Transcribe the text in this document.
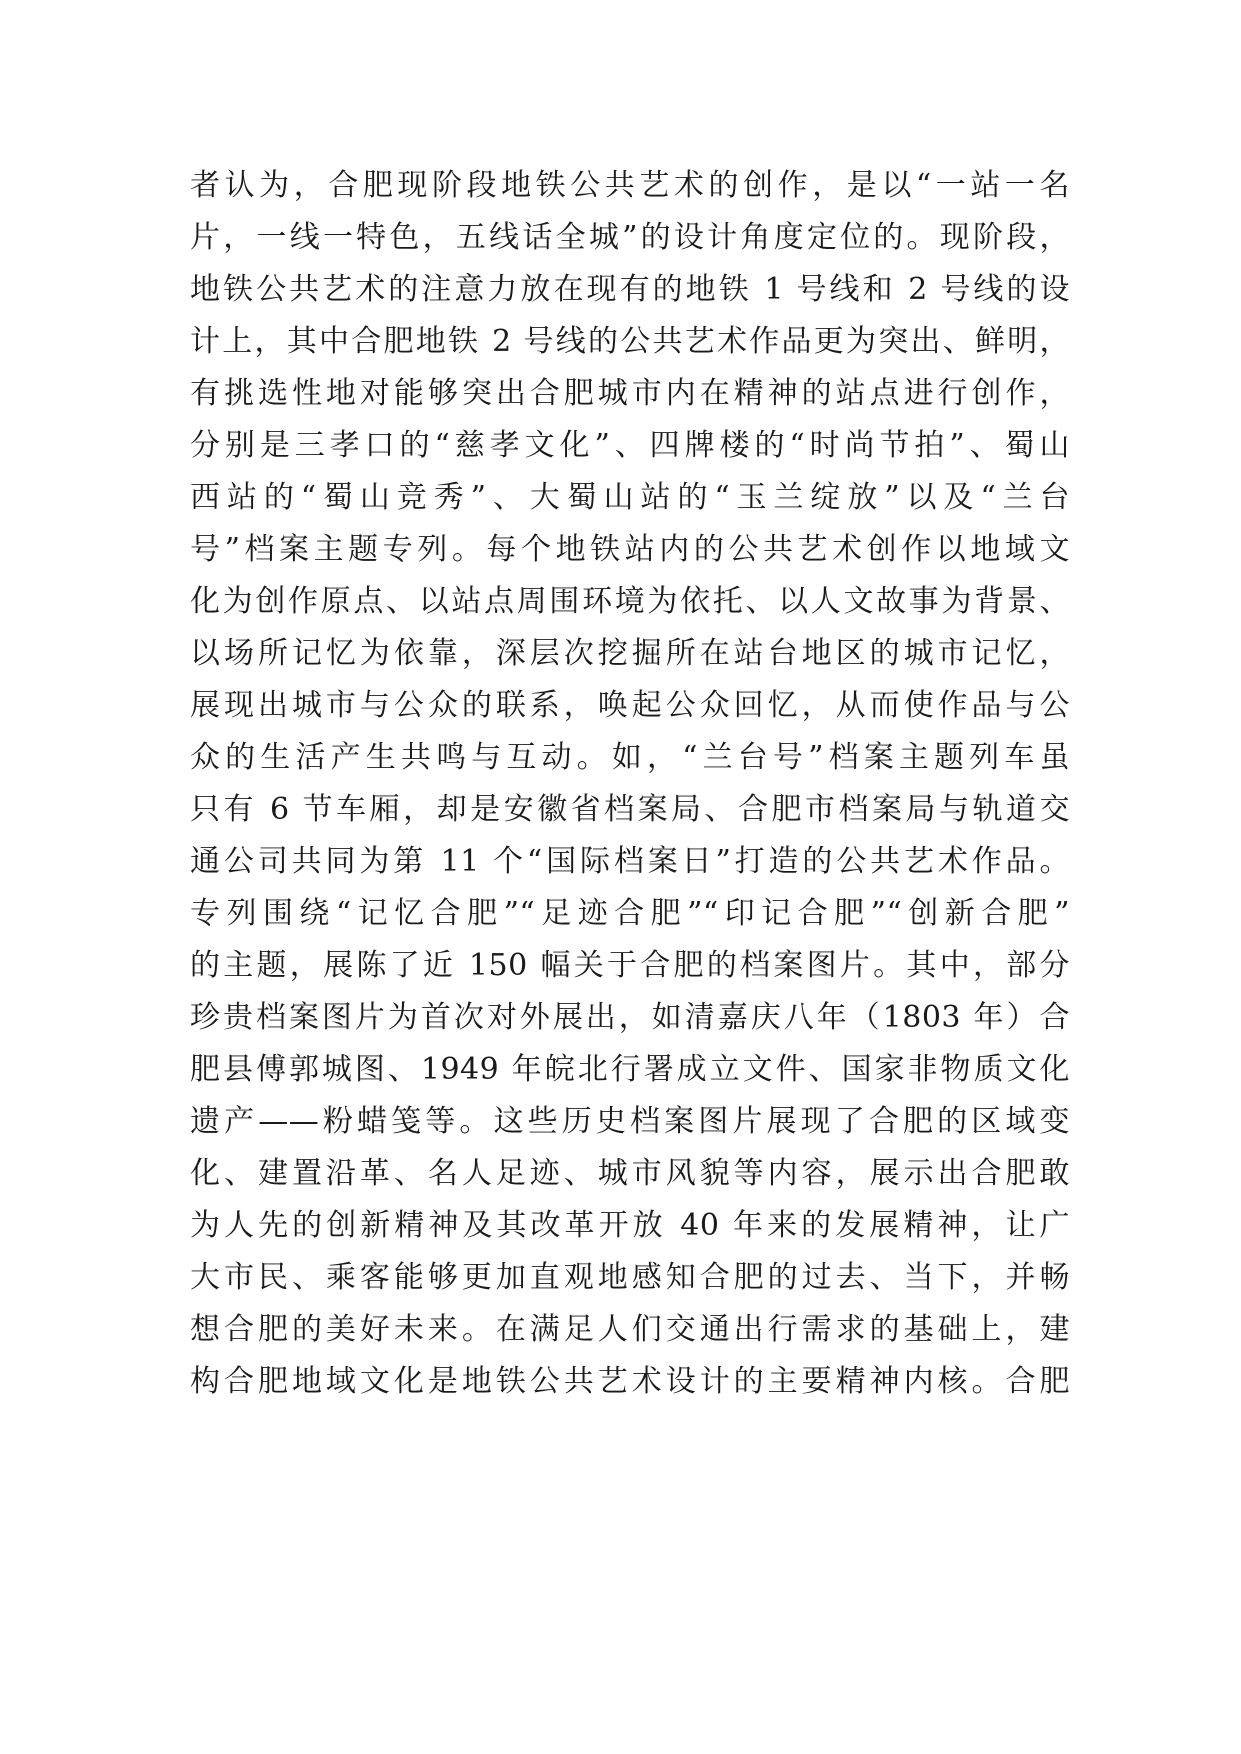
者认为，合肥现阶段地铁公共艺术的创作，是以“一站一名
片，一线一特色，五线话全城”的设计角度定位的。现阶段，
地铁公共艺术的注意力放在现有的地铁 1 号线和 2 号线的设
计上，其中合肥地铁 2 号线的公共艺术作品更为突出、鲜明，
有挑选性地对能够突出合肥城市内在精神的站点进行创作，
分别是三孝口的“慈孝文化”、四牌楼的“时尚节拍”、蜀山
西站的“蜀山竞秀”、大蜀山站的“玉兰绽放”以及“兰台
号”档案主题专列。每个地铁站内的公共艺术创作以地域文
化为创作原点、以站点周围环境为依托、以人文故事为背景、
以场所记忆为依靠，深层次挖掘所在站台地区的城市记忆，
展现出城市与公众的联系，唤起公众回忆，从而使作品与公
众的生活产生共鸣与互动。如，“兰台号”档案主题列车虽
只有 6 节车厢，却是安徽省档案局、合肥市档案局与轨道交
通公司共同为第 11 个“国际档案日”打造的公共艺术作品。
专列围绕“记忆合肥”“足迹合肥”“印记合肥”“创新合肥”
的主题，展陈了近 150 幅关于合肥的档案图片。其中，部分
珍贵档案图片为首次对外展出，如清嘉庆八年（1803 年）合
肥县傅郭城图、1949 年皖北行署成立文件、国家非物质文化
遗产——粉蜡笺等。这些历史档案图片展现了合肥的区域变
化、建置沿革、名人足迹、城市风貌等内容，展示出合肥敢
为人先的创新精神及其改革开放 40 年来的发展精神，让广
大市民、乘客能够更加直观地感知合肥的过去、当下，并畅
想合肥的美好未来。在满足人们交通出行需求的基础上，建
构合肥地域文化是地铁公共艺术设计的主要精神内核。合肥
